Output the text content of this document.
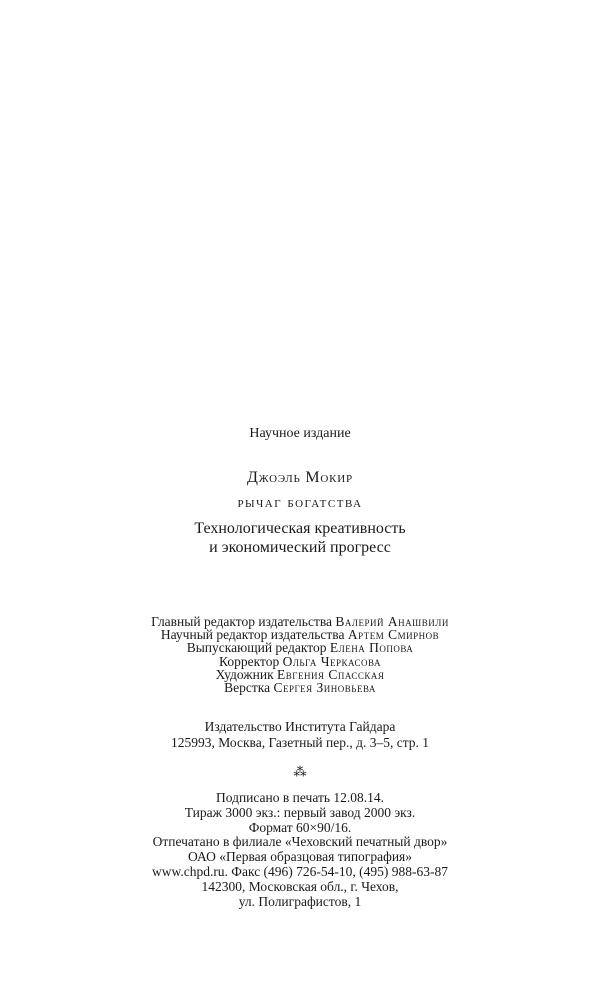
Научное издание
Джоэль Мокир
рычаг богатства
Технологическая креативность
и экономический прогресс
Главный редактор издательства Валерий Анашвили
Научный редактор издательства Артем Смирнов
Выпускающий редактор Елена Попова
Корректор Ольга Черкасова
Художник Евгения Спасская
Верстка Сергея Зиновьева
Издательство Института Гайдара
125993, Москва, Газетный пер., д. 3–5, стр. 1
⁂
Подписано в печать 12.08.14.
Тираж 3000 экз.: первый завод 2000 экз.
Формат 60×90/16.
Отпечатано в филиале «Чеховский печатный двор»
ОАО «Первая образцовая типография»
www.chpd.ru. Факс (496) 726-54-10, (495) 988-63-87
142300, Московская обл., г. Чехов,
ул. Полиграфистов, 1
